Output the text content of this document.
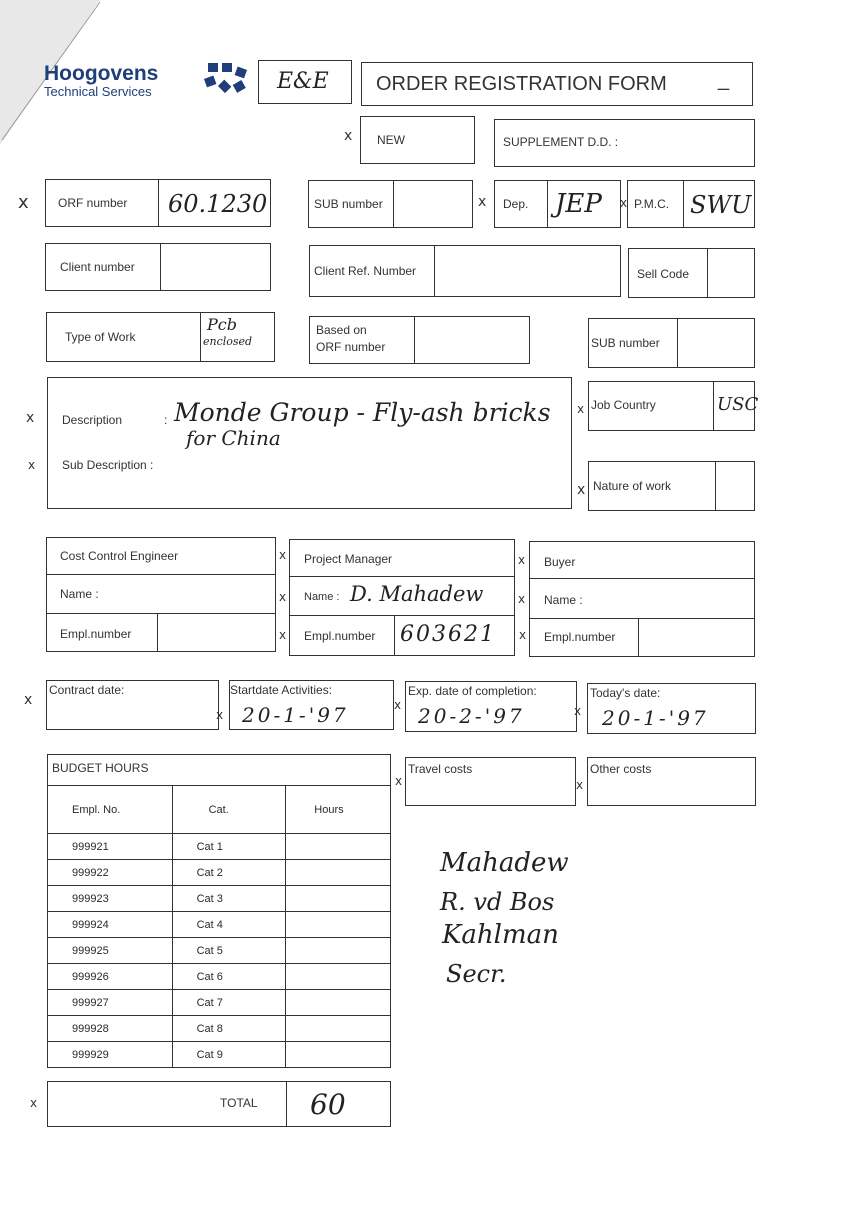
Hoogovens
Technical Services	E&E ORDER REGISTRATION FORM	_
x NEW	SUPPLEMENT D.D. :
x ORF number 60.1230	SUB number	x Dep. JEP x P.M.C. SWU
Client number	Client Ref. Number	Sell Code
Type of Work
Pcb
enclosed
Based on
ORF number	SUB number
x
x
Description	: Monde Group - Fly-ash bricks
for China
Sub Description :
x Job Country	USC
x Nature of work
Cost Control Engineer
Name :
Empl.number
x
x
x
Project Manager
Name : D. Mahadew
Empl.number 603621
x
x
x
Buyer
Name :
Empl.number
x
Contract date:
x
Startdate Activities:
20-1-'97	x
Exp. date of completion:
20-2-'97	x
Today's date:
20-1-'97
BUDGET HOURS
Empl. No.	Cat.	Hours
999921	Cat 1	
999922	Cat 2	
999923	Cat 3	
999924	Cat 4	
999925	Cat 5	
999926	Cat 6	
999927	Cat 7	
999928	Cat 8	
999929	Cat 9	
x	TOTAL 60
x
Travel costs
x
Other costs
Mahadew
R. vd Bos
Kahlman
Secr.
